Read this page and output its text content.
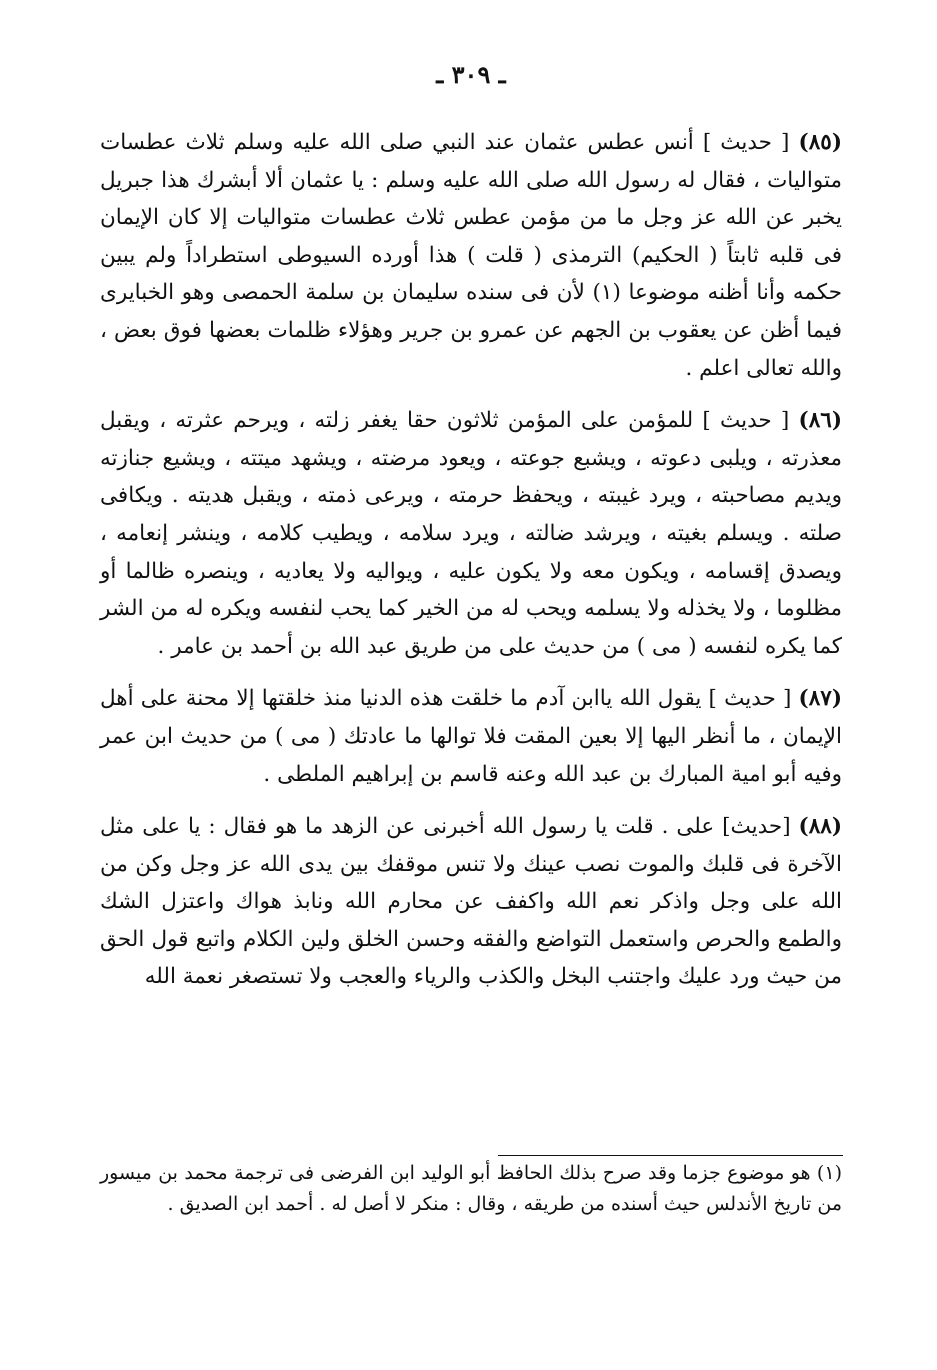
ـ ٣٠٩ ـ

(٨٥) [ حديث ] أنس عطس عثمان عند النبي صلى الله عليه وسلم ثلاث عطسات متواليات ، فقال له رسول الله صلى الله عليه وسلم : يا عثمان ألا أبشرك هذا جبريل يخبر عن الله عز وجل ما من مؤمن عطس ثلاث عطسات متواليات إلا كان الإيمان فى قلبه ثابتاً ( الحكيم) الترمذى ( قلت ) هذا أورده السيوطى استطراداً ولم يبين حكمه وأنا أظنه موضوعا (١) لأن فى سنده سليمان بن سلمة الحمصى وهو الخبايرى فيما أظن عن يعقوب بن الجهم عن عمرو بن جرير وهؤلاء ظلمات بعضها فوق بعض ، والله تعالى اعلم .

(٨٦) [ حديث ] للمؤمن على المؤمن ثلاثون حقا يغفر زلته ، ويرحم عثرته ، ويقبل معذرته ، ويلبى دعوته ، ويشبع جوعته ، ويعود مرضته ، ويشهد ميتته ، ويشيع جنازته ويديم مصاحبته ، ويرد غيبته ، ويحفظ حرمته ، ويرعى ذمته ، ويقبل هديته . ويكافى صلته . ويسلم بغيته ، ويرشد ضالته ، ويرد سلامه ، ويطيب كلامه ، وينشر إنعامه ، ويصدق إقسامه ، ويكون معه ولا يكون عليه ، ويواليه ولا يعاديه ، وينصره ظالما أو مظلوما ، ولا يخذله ولا يسلمه ويحب له من الخير كما يحب لنفسه ويكره له من الشر كما يكره لنفسه ( مى ) من حديث على من طريق عبد الله بن أحمد بن عامر .

(٨٧) [ حديث ] يقول الله ياابن آدم ما خلقت هذه الدنيا منذ خلقتها إلا محنة على أهل الإيمان ، ما أنظر اليها إلا بعين المقت فلا توالها ما عادتك ( مى ) من حديث ابن عمر وفيه أبو امية المبارك بن عبد الله وعنه قاسم بن إبراهيم الملطى .

(٨٨) [حديث] على . قلت يا رسول الله أخبرنى عن الزهد ما هو فقال : يا على مثل الآخرة فى قلبك والموت نصب عينك ولا تنس موقفك بين يدى الله عز وجل وكن من الله على وجل واذكر نعم الله واكفف عن محارم الله ونابذ هواك واعتزل الشك والطمع والحرص واستعمل التواضع والفقه وحسن الخلق ولين الكلام واتبع قول الحق من حيث ورد عليك واجتنب البخل والكذب والرياء والعجب ولا تستصغر نعمة الله

(١) هو موضوع جزما وقد صرح بذلك الحافظ أبو الوليد ابن الفرضى فى ترجمة محمد بن ميسور من تاريخ الأندلس حيث أسنده من طريقه ، وقال : منكر لا أصل له . أحمد ابن الصديق .
